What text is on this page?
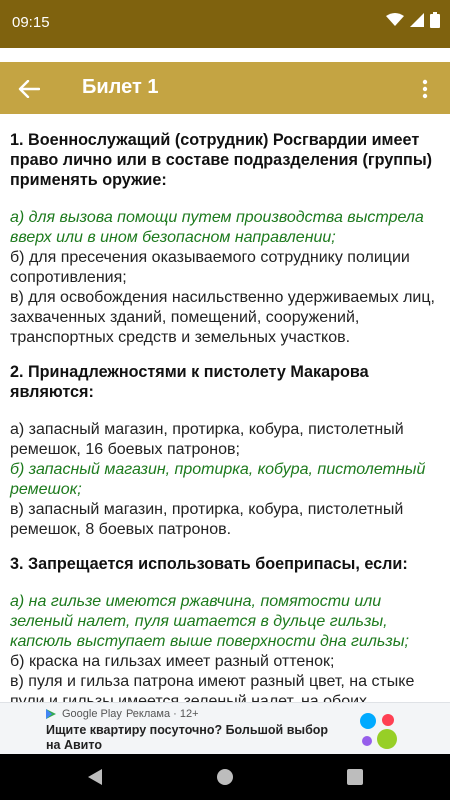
09:15
Билет 1
1. Военнослужащий (сотрудник) Росгвардии имеет право лично или в составе подразделения (группы) применять оружие:
а) для вызова помощи путем производства выстрела вверх или в ином безопасном направлении;
б) для пресечения оказываемого сотруднику полиции сопротивления;
в) для освобождения насильственно удерживаемых лиц, захваченных зданий, помещений, сооружений, транспортных средств и земельных участков.
2. Принадлежностями к пистолету Макарова являются:
а) запасный магазин, протирка, кобура, пистолетный ремешок, 16 боевых патронов;
б) запасный магазин, протирка, кобура, пистолетный ремешок;
в) запасный магазин, протирка, кобура, пистолетный ремешок, 8 боевых патронов.
3. Запрещается использовать боеприпасы, если:
а) на гильзе имеются ржавчина, помятости или зеленый налет, пуля шатается в дульце гильзы, капсюль выступает выше поверхности дна гильзы;
б) краска на гильзах имеет разный оттенок;
в) пуля и гильза патрона имеют разный цвет, на стыке
Google Play Реклама · 12+
Ищите квартиру посуточно? Большой выбор на Авито
